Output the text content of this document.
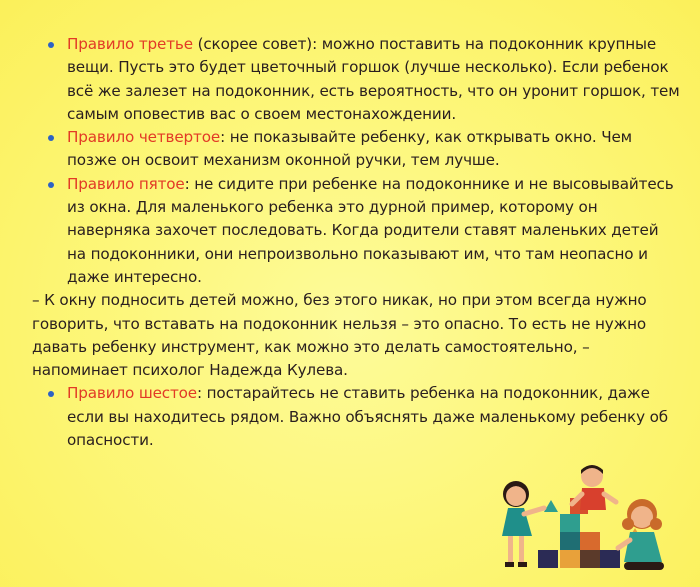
Правило третье (скорее совет): можно поставить на подоконник крупные вещи. Пусть это будет цветочный горшок (лучше несколько). Если ребенок всё же залезет на подоконник, есть вероятность, что он уронит горшок, тем самым оповестив вас о своем местонахождении.

Правило четвертое: не показывайте ребенку, как открывать окно. Чем позже он освоит механизм оконной ручки, тем лучше.

Правило пятое: не сидите при ребенке на подоконнике и не высовывайтесь из окна. Для маленького ребенка это дурной пример, которому он наверняка захочет последовать. Когда родители ставят маленьких детей на подоконники, они непроизвольно показывают им, что там неопасно и даже интересно.

– К окну подносить детей можно, без этого никак, но при этом всегда нужно говорить, что вставать на подоконник нельзя – это опасно. То есть не нужно давать ребенку инструмент, как можно это делать самостоятельно, – напоминает психолог Надежда Кулева.

Правило шестое: постарайтесь не ставить ребенка на подоконник, даже если вы находитесь рядом. Важно объяснять даже маленькому ребенку об опасности.
